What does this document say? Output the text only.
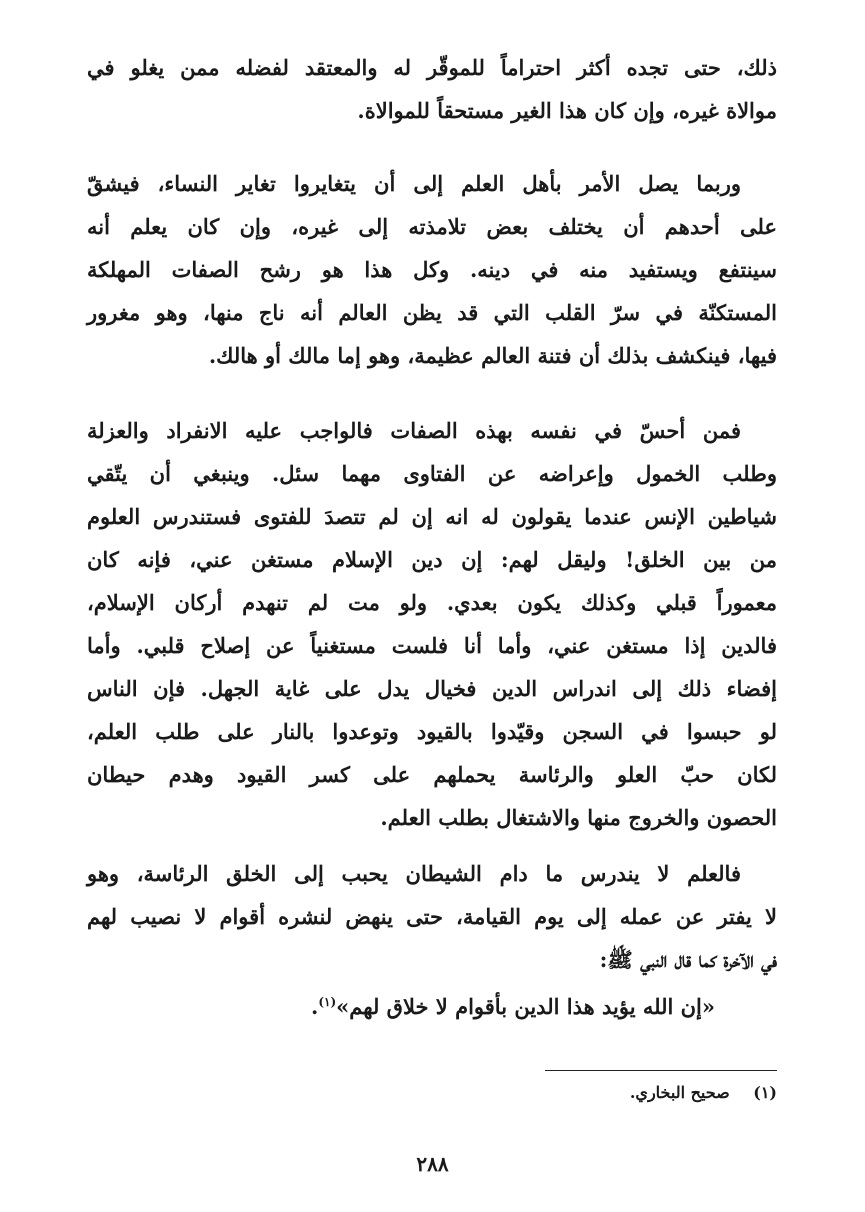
ذلك، حتى تجده أكثر احتراماً للموقّر له والمعتقد لفضله ممن يغلو في
موالاة غيره، وإن كان هذا الغير مستحقاً للموالاة.
وربما يصل الأمر بأهل العلم إلى أن يتغايروا تغاير النساء، فيشقّ
على أحدهم أن يختلف بعض تلامذته إلى غيره، وإن كان يعلم أنه
سينتفع ويستفيد منه في دينه. وكل هذا هو رشح الصفات المهلكة
المستكنّة في سرّ القلب التي قد يظن العالم أنه ناج منها، وهو مغرور
فيها، فينكشف بذلك أن فتنة العالم عظيمة، وهو إما مالك أو هالك.
فمن أحسّ في نفسه بهذه الصفات فالواجب عليه الانفراد والعزلة
وطلب الخمول وإعراضه عن الفتاوى مهما سئل. وينبغي أن يتّقي
شياطين الإنس عندما يقولون له انه إن لم تتصدَ للفتوى فستندرس العلوم
من بين الخلق! وليقل لهم: إن دين الإسلام مستغن عني، فإنه كان
معموراً قبلي وكذلك يكون بعدي. ولو مت لم تنهدم أركان الإسلام،
فالدين إذا مستغن عني، وأما أنا فلست مستغنياً عن إصلاح قلبي. وأما
إفضاء ذلك إلى اندراس الدين فخيال يدل على غاية الجهل. فإن الناس
لو حبسوا في السجن وقيّدوا بالقيود وتوعدوا بالنار على طلب العلم،
لكان حبّ العلو والرئاسة يحملهم على كسر القيود وهدم حيطان
الحصون والخروج منها والاشتغال بطلب العلم.
فالعلم لا يندرس ما دام الشيطان يحبب إلى الخلق الرئاسة، وهو
لا يفتر عن عمله إلى يوم القيامة، حتى ينهض لنشره أقوام لا نصيب لهم
في الآخرة كما قال النبي ﷺ:
«إن الله يؤيد هذا الدين بأقوام لا خلاق لهم»$^{(١)}$.
(١) صحيح البخاري.
٢٨٨
